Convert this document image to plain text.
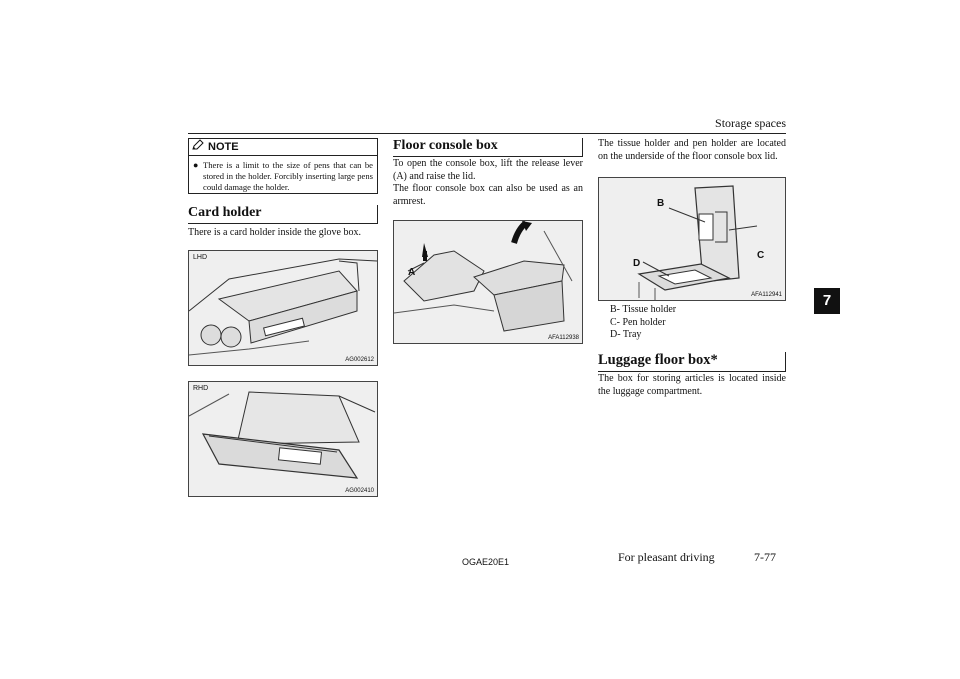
Storage spaces
7
NOTE
● There is a limit to the size of pens that can be stored in the holder. Forcibly inserting large pens could damage the holder.
Card holder
There is a card holder inside the glove box.
LHD
AG002612
RHD
AG002410
Floor console box
To open the console box, lift the release lever (A) and raise the lid.
The floor console box can also be used as an armrest.
A
AFA112938
The tissue holder and pen holder are located on the underside of the floor console box lid.
B
C
D
AFA112941
B- Tissue holder
C- Pen holder
D- Tray
Luggage floor box*
The box for storing articles is located inside the luggage compartment.
OGAE20E1	For pleasant driving	7-77
